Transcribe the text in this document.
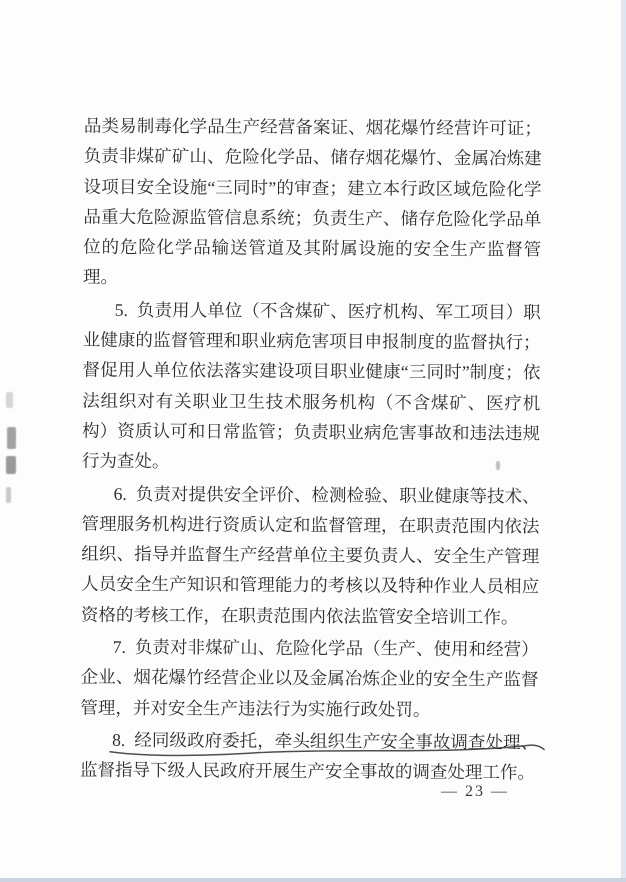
品类易制毒化学品生产经营备案证、烟花爆竹经营许可证；负责非煤矿矿山、危险化学品、储存烟花爆竹、金属冶炼建设项目安全设施“三同时”的审查；建立本行政区域危险化学品重大危险源监管信息系统；负责生产、储存危险化学品单位的危险化学品输送管道及其附属设施的安全生产监督管理。

5. 负责用人单位（不含煤矿、医疗机构、军工项目）职业健康的监督管理和职业病危害项目申报制度的监督执行；督促用人单位依法落实建设项目职业健康“三同时”制度；依法组织对有关职业卫生技术服务机构（不含煤矿、医疗机构）资质认可和日常监管；负责职业病危害事故和违法违规行为查处。

6. 负责对提供安全评价、检测检验、职业健康等技术、管理服务机构进行资质认定和监督管理，在职责范围内依法组织、指导并监督生产经营单位主要负责人、安全生产管理人员安全生产知识和管理能力的考核以及特种作业人员相应资格的考核工作，在职责范围内依法监管安全培训工作。

7. 负责对非煤矿山、危险化学品（生产、使用和经营）企业、烟花爆竹经营企业以及金属冶炼企业的安全生产监督管理，并对安全生产违法行为实施行政处罚。

8. 经同级政府委托，牵头组织生产安全事故调查处理、监督指导下级人民政府开展生产安全事故的调查处理工作。

— 23 —
